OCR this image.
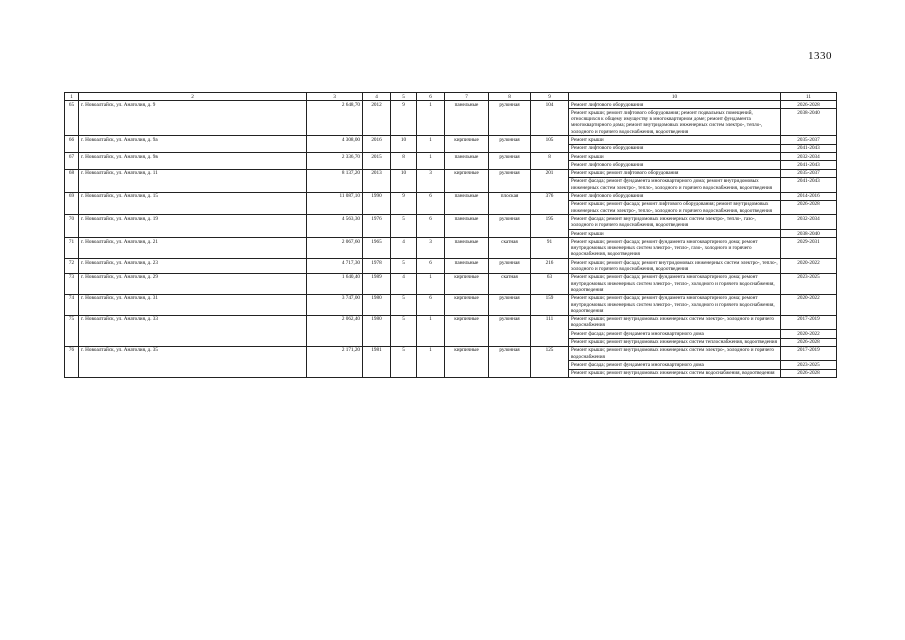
1330
1	2	3	4	5	6	7	8	9	10	11
65	г. Новоалтайск, ул. Анатолия, д. 9	2 648,70	2012	9	1	панельные	рулонная	104	Ремонт лифтового оборудования	2026-2028
									Ремонт крыши; ремонт лифтового оборудования; ремонт подвальных помещений, относящихся к общему имуществу в многоквартирном доме; ремонт фундамента многоквартирного дома; ремонт внутридомовых инженерных систем электро-, тепло-, холодного и горячего водоснабжения, водоотведения	2038-2040
66	г. Новоалтайск, ул. Анатолия, д. 9а	4 308,00	2016	10	1	кирпичные	рулонная	105	Ремонт крыши	2035-2037
									Ремонт лифтового оборудования	2041-2043
67	г. Новоалтайск, ул. Анатолия, д. 9в	2 336,70	2015	8	1	панельные	рулонная	8	Ремонт крыши	2032-2034
									Ремонт лифтового оборудования	2041-2043
68	г. Новоалтайск, ул. Анатолия, д. 11	8 137,20	2013	10	3	кирпичные	рулонная	201	Ремонт крыши; ремонт лифтового оборудования	2035-2037
									Ремонт фасада; ремонт фундамента многоквартирного дома; ремонт внутридомовых инженерных систем электро-, тепло-, холодного и горячего водоснабжения, водоотведения	2041-2043
69	г. Новоалтайск, ул. Анатолия, д. 15	11 087,10	1990	9	6	панельные	плоская	376	Ремонт лифтового оборудования	2014-2016
									Ремонт крыши; ремонт фасада; ремонт лифтового оборудования; ремонт внутридомовых инженерных систем электро-, тепло-, холодного и горячего водоснабжения, водоотведения	2026-2028
70	г. Новоалтайск, ул. Анатолия, д. 19	4 563,30	1976	5	6	панельные	рулонная	195	Ремонт фасада; ремонт внутридомовых инженерных систем электро-, тепло-, газо-, холодного и горячего водоснабжения, водоотведения	2032-2034
									Ремонт крыши	2038-2040
71	г. Новоалтайск, ул. Анатолия, д. 21	2 067,60	1965	4	3	панельные	скатная	91	Ремонт крыши; ремонт фасада; ремонт фундамента многоквартирного дома; ремонт внутридомовых инженерных систем электро-, тепло-, газо-, холодного и горячего водоснабжения, водоотведения	2029-2031
72	г. Новоалтайск, ул. Анатолия, д. 23	4 717,30	1978	5	6	панельные	рулонная	216	Ремонт крыши; ремонт фасада; ремонт внутридомовых инженерных систем электро-, тепло-, холодного и горячего водоснабжения, водоотведения	2020-2022
73	г. Новоалтайск, ул. Анатолия, д. 29	1 640,40	1989	4	1	кирпичные	скатная	63	Ремонт крыши; ремонт фасада; ремонт фундамента многоквартирного дома; ремонт внутридомовых инженерных систем электро-, тепло-, холодного и горячего водоснабжения, водоотведения	2023-2025
74	г. Новоалтайск, ул. Анатолия, д. 31	3 747,00	1980	5	6	кирпичные	рулонная	159	Ремонт крыши; ремонт фасада; ремонт фундамента многоквартирного дома; ремонт внутридомовых инженерных систем электро-, тепло-, холодного и горячего водоснабжения, водоотведения	2020-2022
75	г. Новоалтайск, ул. Анатолия, д. 33	2 062,40	1980	5	1	кирпичные	рулонная	111	Ремонт крыши; ремонт внутридомовых инженерных систем электро-, холодного и горячего водоснабжения	2017-2019
									Ремонт фасада; ремонт фундамента многоквартирного дома	2020-2022
									Ремонт крыши; ремонт внутридомовых инженерных систем теплоснабжения, водоотведения	2026-2028
76	г. Новоалтайск, ул. Анатолия, д. 35	2 171,20	1981	5	1	кирпичные	рулонная	125	Ремонт крыши; ремонт внутридомовых инженерных систем электро-, холодного и горячего водоснабжения	2017-2019
									Ремонт фасада; ремонт фундамента многоквартирного дома	2023-2025
									Ремонт крыши; ремонт внутридомовых инженерных систем водоснабжения, водоотведения	2026-2028
